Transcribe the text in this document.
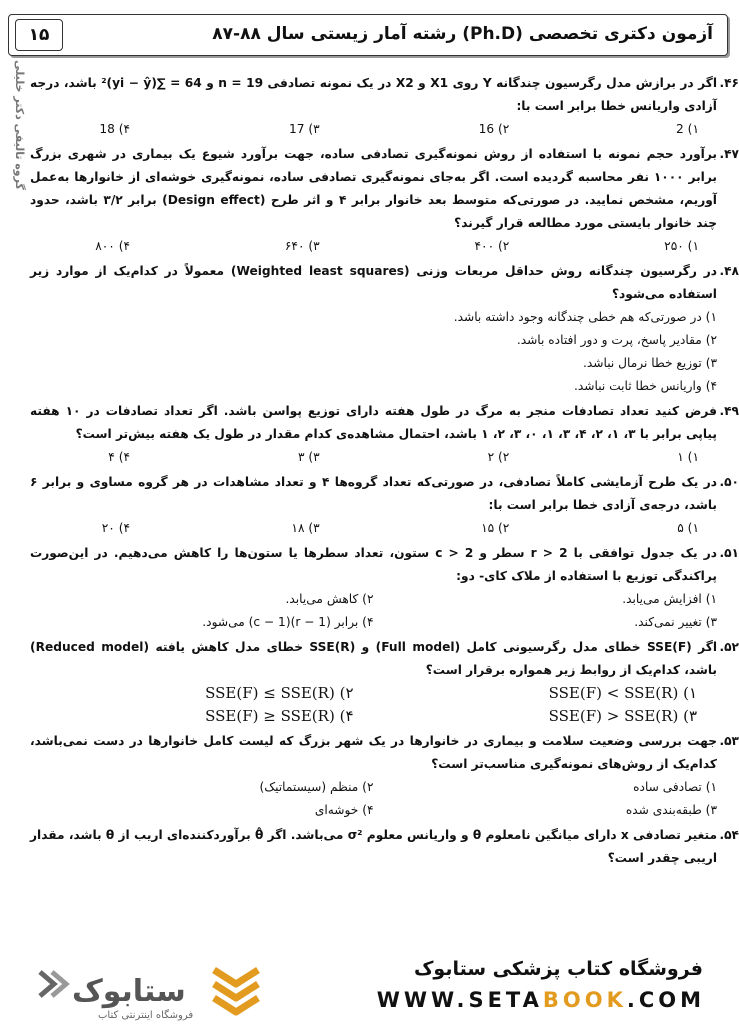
۱۵	آزمون دکتری تخصصی (Ph.D) رشته آمار زیستی سال ۸۸-۸۷
گروه تالیفی دکتر خلیلی	۴۶.
اگر در برازش مدل رگرسیون چندگانه Y روی X1 و X2 در یک نمونه تصادفی n = 19 و 64 = ∑(yi − ŷ)² باشد، درجه آزادی واریانس خطا برابر است با:
۱) 2
۲) 16
۳) 17
۴) 18
۴۷.
برآورد حجم نمونه با استفاده از روش نمونه‌گیری تصادفی ساده، جهت برآورد شیوع یک بیماری در شهری بزرگ برابر ۱۰۰۰ نفر محاسبه گردیده است. اگر به‌جای نمونه‌گیری تصادفی ساده، نمونه‌گیری خوشه‌ای از خانوارها به‌عمل آوریم، مشخص نمایید. در صورتی‌که متوسط بعد خانوار برابر ۴ و اثر طرح (Design effect) برابر ۳/۲ باشد، حدود چند خانوار بایستی مورد مطالعه قرار گیرند؟
۱) ۲۵۰
۲) ۴۰۰
۳) ۶۴۰
۴) ۸۰۰
۴۸.
در رگرسیون چندگانه روش حداقل مربعات وزنی (Weighted least squares) معمولاً در کدام‌یک از موارد زیر استفاده می‌شود؟
۱) در صورتی‌که هم خطی چندگانه وجود داشته باشد.
۲) مقادیر پاسخ، پرت و دور افتاده باشد.
۳) توزیع خطا نرمال نباشد.
۴) واریانس خطا ثابت نباشد.
۴۹.
فرض کنید تعداد تصادفات منجر به مرگ در طول هفته دارای توزیع پواسن باشد. اگر تعداد تصادفات در ۱۰ هفته پیاپی برابر با ۳، ۱، ۲، ۴، ۳، ۱، ۰، ۳، ۲، ۱ باشد، احتمال مشاهده‌ی کدام مقدار در طول یک هفته بیش‌تر است؟
۱) ۱
۲) ۲
۳) ۳
۴) ۴
۵۰.
در یک طرح آزمایشی کاملاً تصادفی، در صورتی‌که تعداد گروه‌ها ۴ و تعداد مشاهدات در هر گروه مساوی و برابر ۶ باشد، درجه‌ی آزادی خطا برابر است با:
۱) ۵
۲) ۱۵
۳) ۱۸
۴) ۲۰
۵۱.
در یک جدول توافقی با r > 2 سطر و c > 2 ستون، تعداد سطرها یا ستون‌ها را کاهش می‌دهیم. در این‌صورت پراکندگی توزیع با استفاده از ملاک کای- دو:
۱) افزایش می‌یابد.
۲) کاهش می‌یابد.
۳) تغییر نمی‌کند.
۴) برابر (r − 1)(c − 1) می‌شود.
۵۲.
اگر SSE(F) خطای مدل رگرسیونی کامل (Full model) و SSE(R) خطای مدل کاهش یافته (Reduced model) باشد، کدام‌یک از روابط زیر همواره برقرار است؟
۱) SSE(F) < SSE(R)
۲) SSE(F) ≤ SSE(R)
۳) SSE(F) > SSE(R)
۴) SSE(F) ≥ SSE(R)
۵۳.
جهت بررسی وضعیت سلامت و بیماری در خانوارها در یک شهر بزرگ که لیست کامل خانوارها در دست نمی‌باشد، کدام‌یک از روش‌های نمونه‌گیری مناسب‌تر است؟
۱) تصادفی ساده
۲) منظم (سیستماتیک)
۳) طبقه‌بندی شده
۴) خوشه‌ای
۵۴.
متغیر تصادفی x دارای میانگین نامعلوم θ و واریانس معلوم σ² می‌باشد. اگر θ̂ برآوردکننده‌ای اریب از θ باشد، مقدار اریبی چقدر است؟
ستابوک
فروشگاه اینترنتی کتاب
فروشگاه کتاب پزشکی ستابوک
WWW.SETABOOK.COM
